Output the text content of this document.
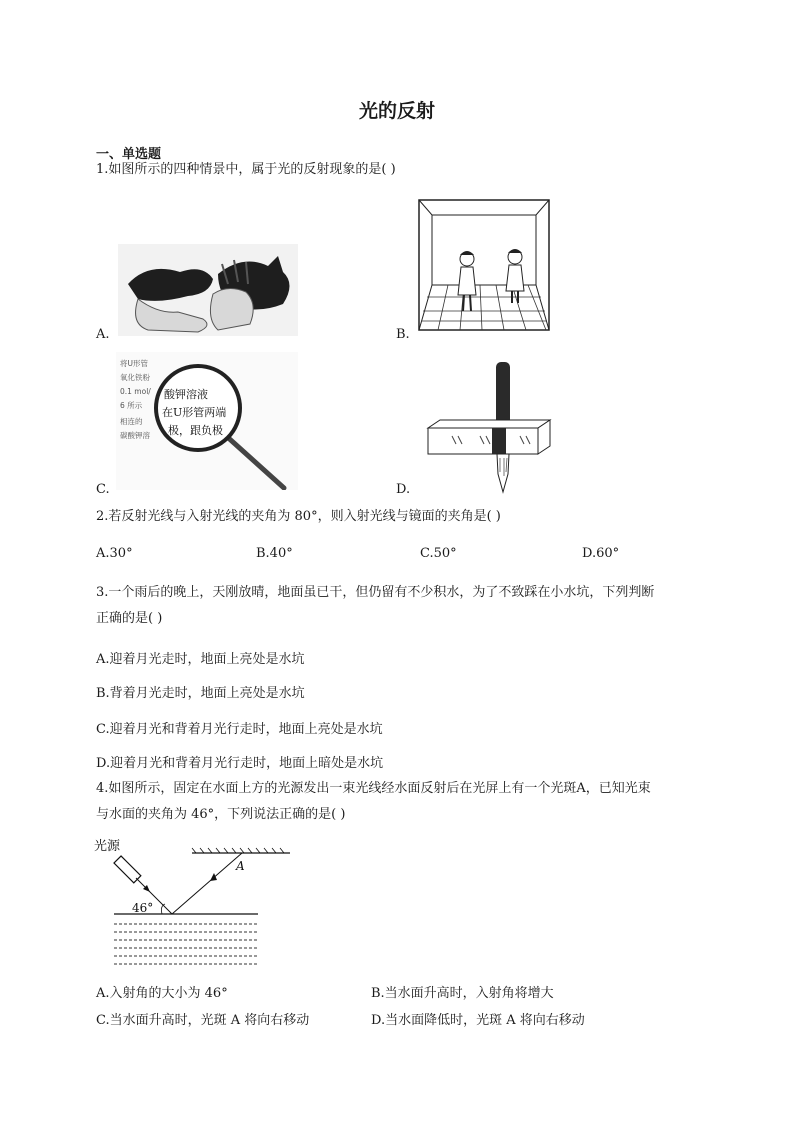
光的反射
一、单选题
1.如图所示的四种情景中，属于光的反射现象的是( )
A.	B.
将U形管
氧化铁粉
0.1 mol/
6 所示
相连的
碳酸钾溶
酸钾溶液
在U形管两端
极，跟负极
C.	D.
2.若反射光线与入射光线的夹角为 80°，则入射光线与镜面的夹角是( )
A.30°	B.40°	C.50°	D.60°
3.一个雨后的晚上，天刚放晴，地面虽已干，但仍留有不少积水，为了不致踩在小水坑，下列判断
正确的是( )
A.迎着月光走时，地面上亮处是水坑
B.背着月光走时，地面上亮处是水坑
C.迎着月光和背着月光行走时，地面上亮处是水坑
D.迎着月光和背着月光行走时，地面上暗处是水坑
4.如图所示，固定在水面上方的光源发出一束光线经水面反射后在光屏上有一个光斑A，已知光束
与水面的夹角为 46°，下列说法正确的是( )
光源
A
46°
A.入射角的大小为 46°	B.当水面升高时，入射角将增大
C.当水面升高时，光斑 A 将向右移动	D.当水面降低时，光斑 A 将向右移动
